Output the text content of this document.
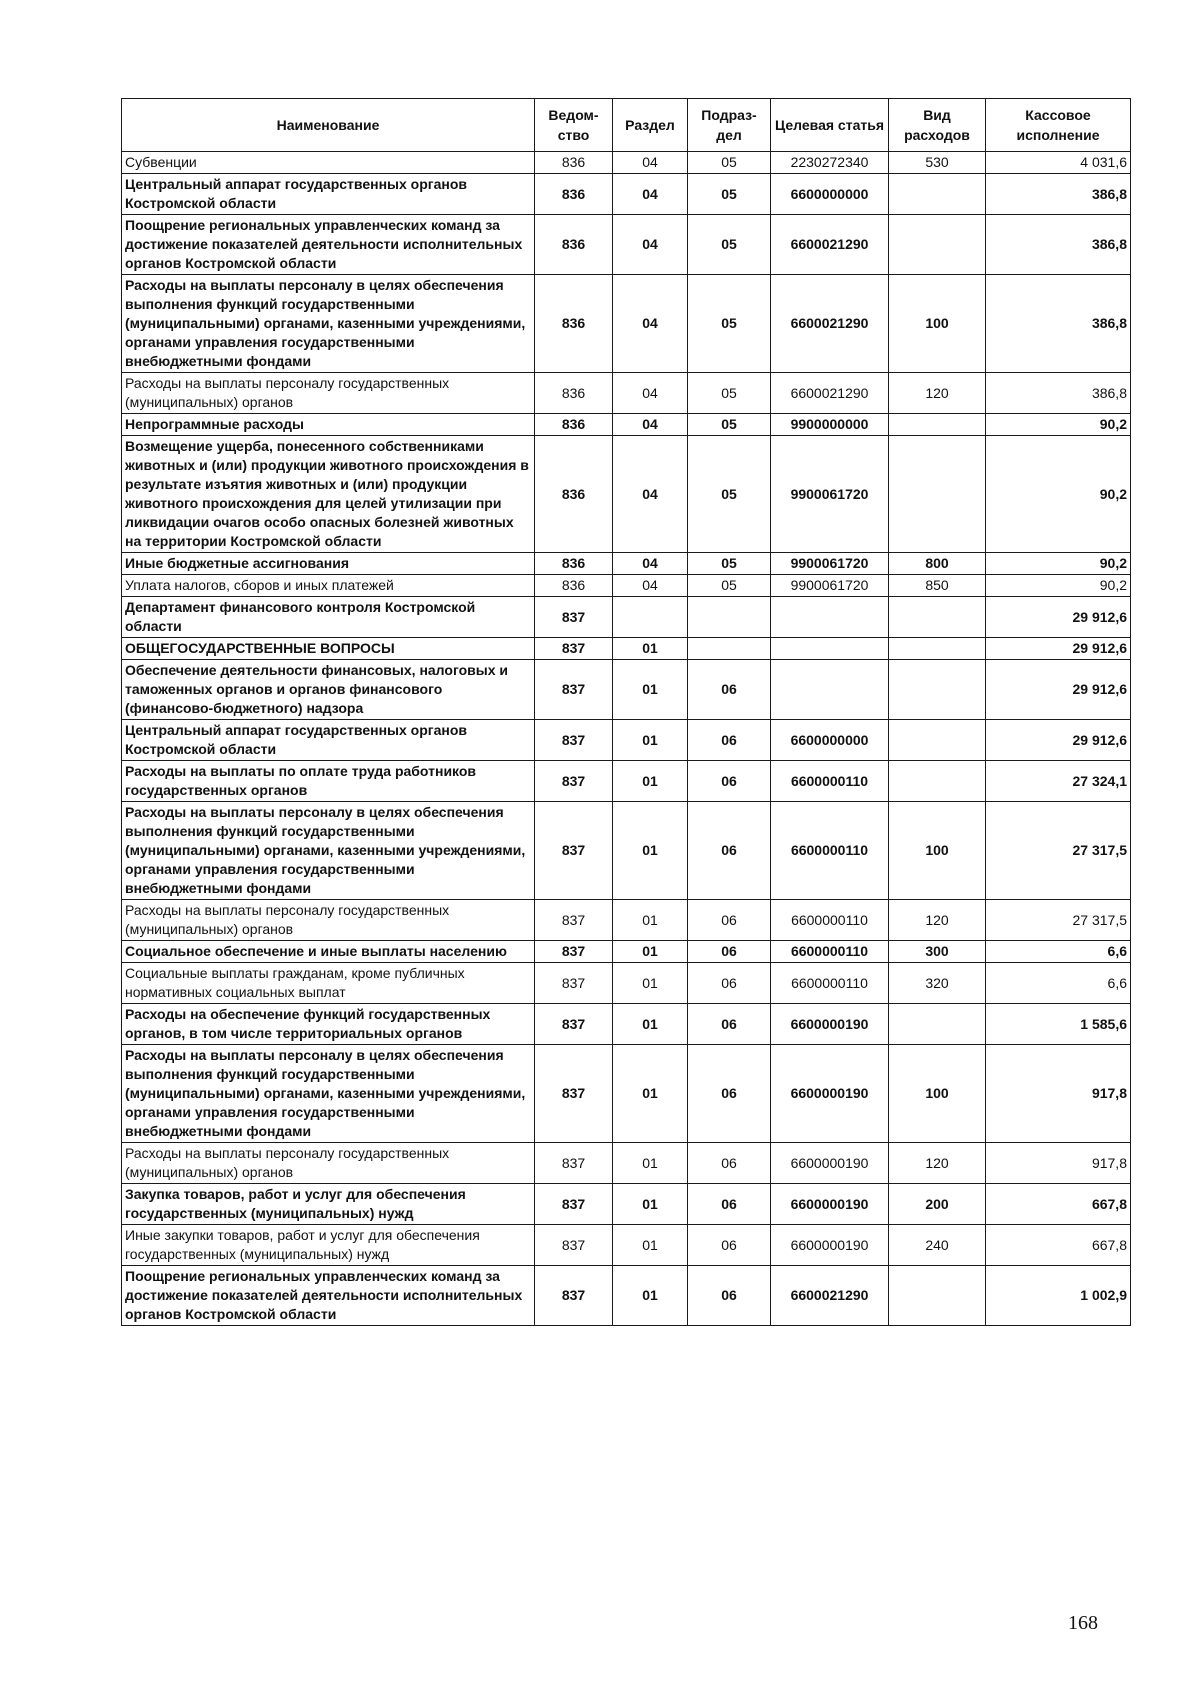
Наименование	Ведом-ство	Раздел	Подраз-дел	Целевая статья	Вид расходов	Кассовое исполнение
Субвенции	836	04	05	2230272340	530	4 031,6
Центральный аппарат государственных органов Костромской области	836	04	05	6600000000		386,8
Поощрение региональных управленческих команд за достижение показателей деятельности исполнительных органов Костромской области	836	04	05	6600021290		386,8
Расходы на выплаты персоналу в целях обеспечения выполнения функций государственными (муниципальными) органами, казенными учреждениями, органами управления государственными внебюджетными фондами	836	04	05	6600021290	100	386,8
Расходы на выплаты персоналу государственных (муниципальных) органов	836	04	05	6600021290	120	386,8
Непрограммные расходы	836	04	05	9900000000		90,2
Возмещение ущерба, понесенного собственниками животных и (или) продукции животного происхождения в результате изъятия животных и (или) продукции животного происхождения для целей утилизации при ликвидации очагов особо опасных болезней животных на территории Костромской области	836	04	05	9900061720		90,2
Иные бюджетные ассигнования	836	04	05	9900061720	800	90,2
Уплата налогов, сборов и иных платежей	836	04	05	9900061720	850	90,2
Департамент финансового контроля Костромской области	837					29 912,6
ОБЩЕГОСУДАРСТВЕННЫЕ ВОПРОСЫ	837	01				29 912,6
Обеспечение деятельности финансовых, налоговых и таможенных органов и органов финансового (финансово-бюджетного) надзора	837	01	06			29 912,6
Центральный аппарат государственных органов Костромской области	837	01	06	6600000000		29 912,6
Расходы на выплаты по оплате труда работников государственных органов	837	01	06	6600000110		27 324,1
Расходы на выплаты персоналу в целях обеспечения выполнения функций государственными (муниципальными) органами, казенными учреждениями, органами управления государственными внебюджетными фондами	837	01	06	6600000110	100	27 317,5
Расходы на выплаты персоналу государственных (муниципальных) органов	837	01	06	6600000110	120	27 317,5
Социальное обеспечение и иные выплаты населению	837	01	06	6600000110	300	6,6
Социальные выплаты гражданам, кроме публичных нормативных социальных выплат	837	01	06	6600000110	320	6,6
Расходы на обеспечение функций государственных органов, в том числе территориальных органов	837	01	06	6600000190		1 585,6
Расходы на выплаты персоналу в целях обеспечения выполнения функций государственными (муниципальными) органами, казенными учреждениями, органами управления государственными внебюджетными фондами	837	01	06	6600000190	100	917,8
Расходы на выплаты персоналу государственных (муниципальных) органов	837	01	06	6600000190	120	917,8
Закупка товаров, работ и услуг для обеспечения государственных (муниципальных) нужд	837	01	06	6600000190	200	667,8
Иные закупки товаров, работ и услуг для обеспечения государственных (муниципальных) нужд	837	01	06	6600000190	240	667,8
Поощрение региональных управленческих команд за достижение показателей деятельности исполнительных органов Костромской области	837	01	06	6600021290		1 002,9
168
